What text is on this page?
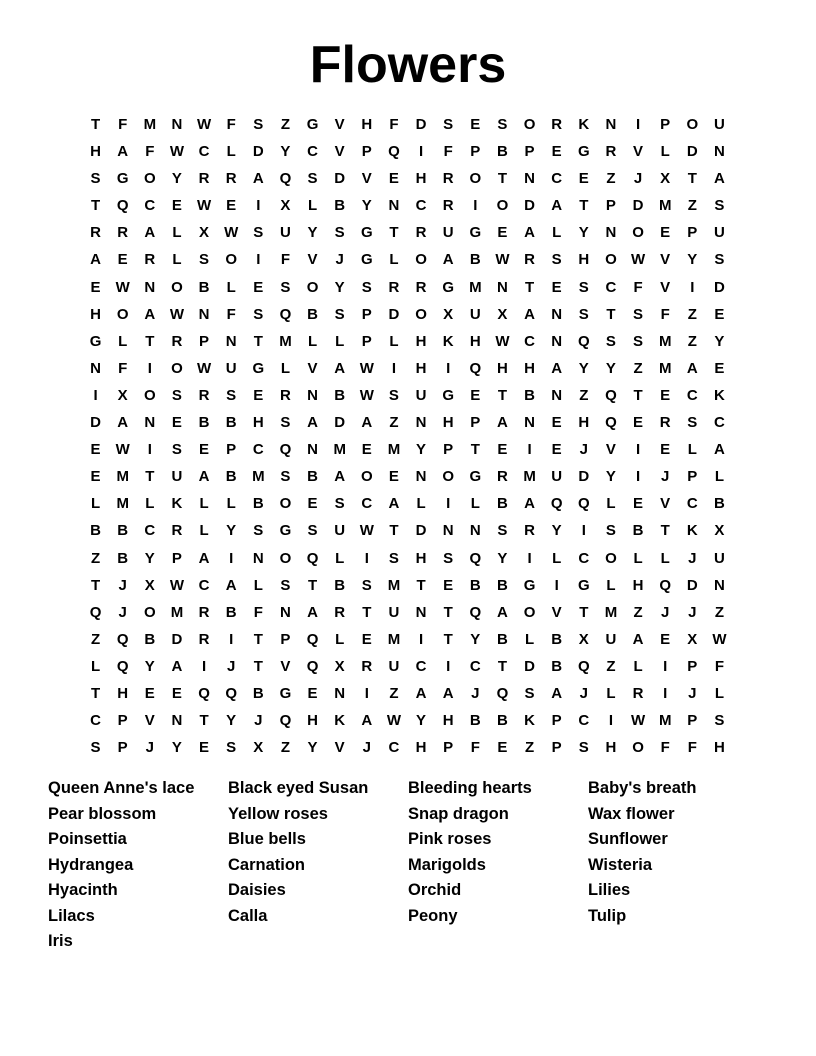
Flowers
T	F	M	N W	F	S	Z	G	V	H	F	D	S	E	S	O	R	K	N	I	P	O	U
H	A	F	W C	L	D	Y	C	V	P	Q	I	F	P	B	P	E	G	R	V	L	D	N
S	G	O	Y	R	R	A	Q	S	D	V	E	H	R	O	T	N	C	E	Z	J	X	T	A
T	Q	C	E	W	E	I	X	L	B	Y	N	C	R	I	O	D	A	T	P	D	M	Z	S
R	R	A	L	X	W	S	U	Y	S	G	T	R	U	G	E	A	L	Y	N	O	E	P	U
A	E	R	L	S	O	I	F	V	J	G	L	O	A	B W R	S	H	O W	V	Y	S
E	W N	O	B	L	E	S	O	Y	S	R	R	G	M	N	T	E	S	C	F	V	I	D
H	O	A W N	F	S	Q	B	S	P	D	O	X	U	X	A	N	S	T	S	F	Z	E
G	L	T	R	P	N	T	M	L	L	P	L	H	K	H W C	N	Q	S	S	M	Z	Y
N	F	I	O W U	G	L	V	A W	I	H	I	Q	H	H	A	Y	Y	Z	M	A	E
I	X	O	S	R	S	E	R	N	B W	S	U	G	E	T	B	N	Z	Q	T	E	C	K
D	A	N	E	B	B	H	S	A	D	A	Z	N	H	P	A	N	E	H	Q	E	R	S	C
E	W	I	S	E	P	C	Q	N	M	E	M	Y	P	T	E	I	E	J	V	I	E	L	A
E	M	T	U	A	B	M	S	B	A	O	E	N	O	G	R	M	U	D	Y	I	J	P	L
L	M	L	K	L	L	B	O	E	S	C	A	L	I	L	B	A	Q	Q	L	E	V	C	B
B	B	C	R	L	Y	S	G	S	U W	T	D	N	N	S	R	Y	I	S	B	T	K	X
Z	B	Y	P	A	I	N	O	Q	L	I	S	H	S	Q	Y	I	L	C	O	L	L	J	U
T	J	X	W C	A	L	S	T	B	S	M	T	E	B	B	G	I	G	L	H	Q	D	N
Q	J	O	M	R	B	F	N	A	R	T	U	N	T	Q	A	O	V	T	M	Z	J	J	Z
Z	Q	B	D	R	I	T	P	Q	L	E	M	I	T	Y	B	L	B	X	U	A	E	X	W
L	Q	Y	A	I	J	T	V	Q	X	R	U	C	I	C	T	D	B	Q	Z	L	I	P	F
T	H	E	E	Q	Q	B	G	E	N	I	Z	A	A	J	Q	S	A	J	L	R	I	J	L
C	P	V	N	T	Y	J	Q	H	K	A W	Y	H	B	B	K	P	C	I	W M	P	S
S	P	J	Y	E	S	X	Z	Y	V	J	C	H	P	F	E	Z	P	S	H	O	F	F	H
Queen Anne's lace
Pear blossom
Poinsettia
Hydrangea
Hyacinth
Lilacs
Iris
Black eyed Susan
Yellow roses
Blue bells
Carnation
Daisies
Calla
Bleeding hearts
Snap dragon
Pink roses
Marigolds
Orchid
Peony
Baby's breath
Wax flower
Sunflower
Wisteria
Lilies
Tulip
